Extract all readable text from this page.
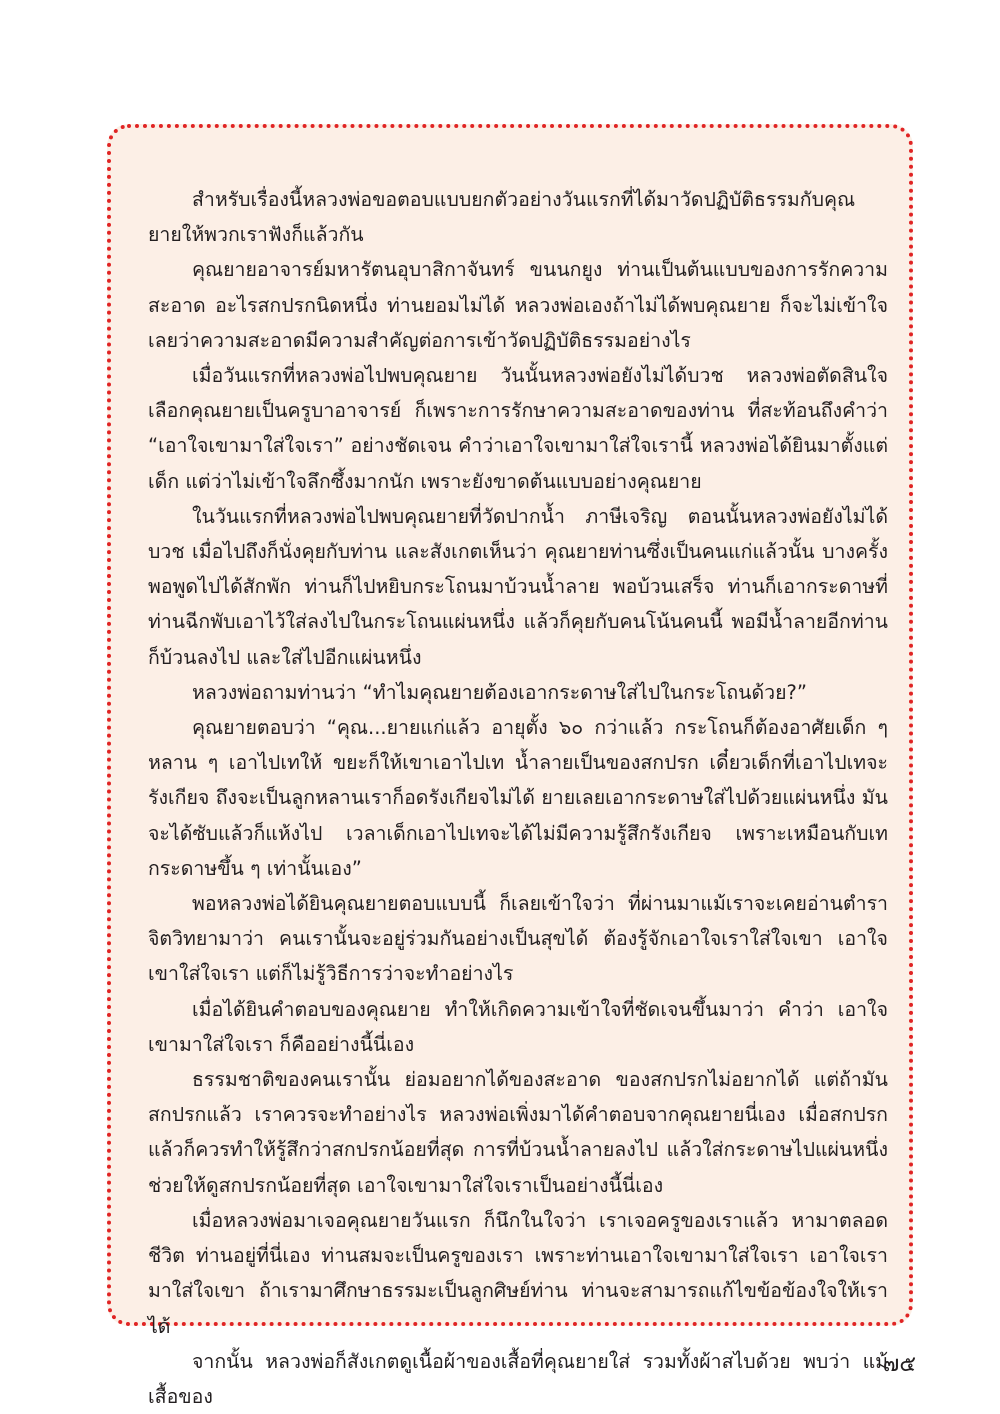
สำหรับเรื่องนี้หลวงพ่อขอตอบแบบยกตัวอย่างวันแรกที่ได้มาวัดปฏิบัติธรรมกับคุณยายให้พวกเราฟังก็แล้วกัน

คุณยายอาจารย์มหารัตนอุบาสิกาจันทร์ ขนนกยูง ท่านเป็นต้นแบบของการรักความสะอาด อะไรสกปรกนิดหนึ่ง ท่านยอมไม่ได้ หลวงพ่อเองถ้าไม่ได้พบคุณยาย ก็จะไม่เข้าใจเลยว่าความสะอาดมีความสำคัญต่อการเข้าวัดปฏิบัติธรรมอย่างไร

เมื่อวันแรกที่หลวงพ่อไปพบคุณยาย วันนั้นหลวงพ่อยังไม่ได้บวช หลวงพ่อตัดสินใจเลือกคุณยายเป็นครูบาอาจารย์ ก็เพราะการรักษาความสะอาดของท่าน ที่สะท้อนถึงคำว่า “เอาใจเขามาใส่ใจเรา” อย่างชัดเจน คำว่าเอาใจเขามาใส่ใจเรานี้ หลวงพ่อได้ยินมาตั้งแต่เด็ก แต่ว่าไม่เข้าใจลึกซึ้งมากนัก เพราะยังขาดต้นแบบอย่างคุณยาย

ในวันแรกที่หลวงพ่อไปพบคุณยายที่วัดปากน้ำ ภาษีเจริญ ตอนนั้นหลวงพ่อยังไม่ได้บวช เมื่อไปถึงก็นั่งคุยกับท่าน และสังเกตเห็นว่า คุณยายท่านซึ่งเป็นคนแก่แล้วนั้น บางครั้งพอพูดไปได้สักพัก ท่านก็ไปหยิบกระโถนมาบ้วนน้ำลาย พอบ้วนเสร็จ ท่านก็เอากระดาษที่ท่านฉีกพับเอาไว้ใส่ลงไปในกระโถนแผ่นหนึ่ง แล้วก็คุยกับคนโน้นคนนี้ พอมีน้ำลายอีกท่านก็บ้วนลงไป และใส่ไปอีกแผ่นหนึ่ง

หลวงพ่อถามท่านว่า “ทำไมคุณยายต้องเอากระดาษใส่ไปในกระโถนด้วย?”

คุณยายตอบว่า “คุณ...ยายแก่แล้ว อายุตั้ง ๖๐ กว่าแล้ว กระโถนก็ต้องอาศัยเด็ก ๆ หลาน ๆ เอาไปเทให้ ขยะก็ให้เขาเอาไปเท น้ำลายเป็นของสกปรก เดี๋ยวเด็กที่เอาไปเทจะรังเกียจ ถึงจะเป็นลูกหลานเราก็อดรังเกียจไม่ได้ ยายเลยเอากระดาษใส่ไปด้วยแผ่นหนึ่ง มันจะได้ซับแล้วก็แห้งไป เวลาเด็กเอาไปเทจะได้ไม่มีความรู้สึกรังเกียจ เพราะเหมือนกับเทกระดาษขึ้น ๆ เท่านั้นเอง”

พอหลวงพ่อได้ยินคุณยายตอบแบบนี้ ก็เลยเข้าใจว่า ที่ผ่านมาแม้เราจะเคยอ่านตำราจิตวิทยามาว่า คนเรานั้นจะอยู่ร่วมกันอย่างเป็นสุขได้ ต้องรู้จักเอาใจเราใส่ใจเขา เอาใจเขาใส่ใจเรา แต่ก็ไม่รู้วิธีการว่าจะทำอย่างไร

เมื่อได้ยินคำตอบของคุณยาย ทำให้เกิดความเข้าใจที่ชัดเจนขึ้นมาว่า คำว่า เอาใจเขามาใส่ใจเรา ก็คืออย่างนี้นี่เอง

ธรรมชาติของคนเรานั้น ย่อมอยากได้ของสะอาด ของสกปรกไม่อยากได้ แต่ถ้ามันสกปรกแล้ว เราควรจะทำอย่างไร หลวงพ่อเพิ่งมาได้คำตอบจากคุณยายนี่เอง เมื่อสกปรกแล้วก็ควรทำให้รู้สึกว่าสกปรกน้อยที่สุด การที่บ้วนน้ำลายลงไป แล้วใส่กระดาษไปแผ่นหนึ่ง ช่วยให้ดูสกปรกน้อยที่สุด เอาใจเขามาใส่ใจเราเป็นอย่างนี้นี่เอง

เมื่อหลวงพ่อมาเจอคุณยายวันแรก ก็นึกในใจว่า เราเจอครูของเราแล้ว หามาตลอดชีวิต ท่านอยู่ที่นี่เอง ท่านสมจะเป็นครูของเรา เพราะท่านเอาใจเขามาใส่ใจเรา เอาใจเรามาใส่ใจเขา ถ้าเรามาศึกษาธรรมะเป็นลูกศิษย์ท่าน ท่านจะสามารถแก้ไขข้อข้องใจให้เราได้

จากนั้น หลวงพ่อก็สังเกตดูเนื้อผ้าของเสื้อที่คุณยายใส่ รวมทั้งผ้าสไบด้วย พบว่า แม้เสื้อของ

๗๕
